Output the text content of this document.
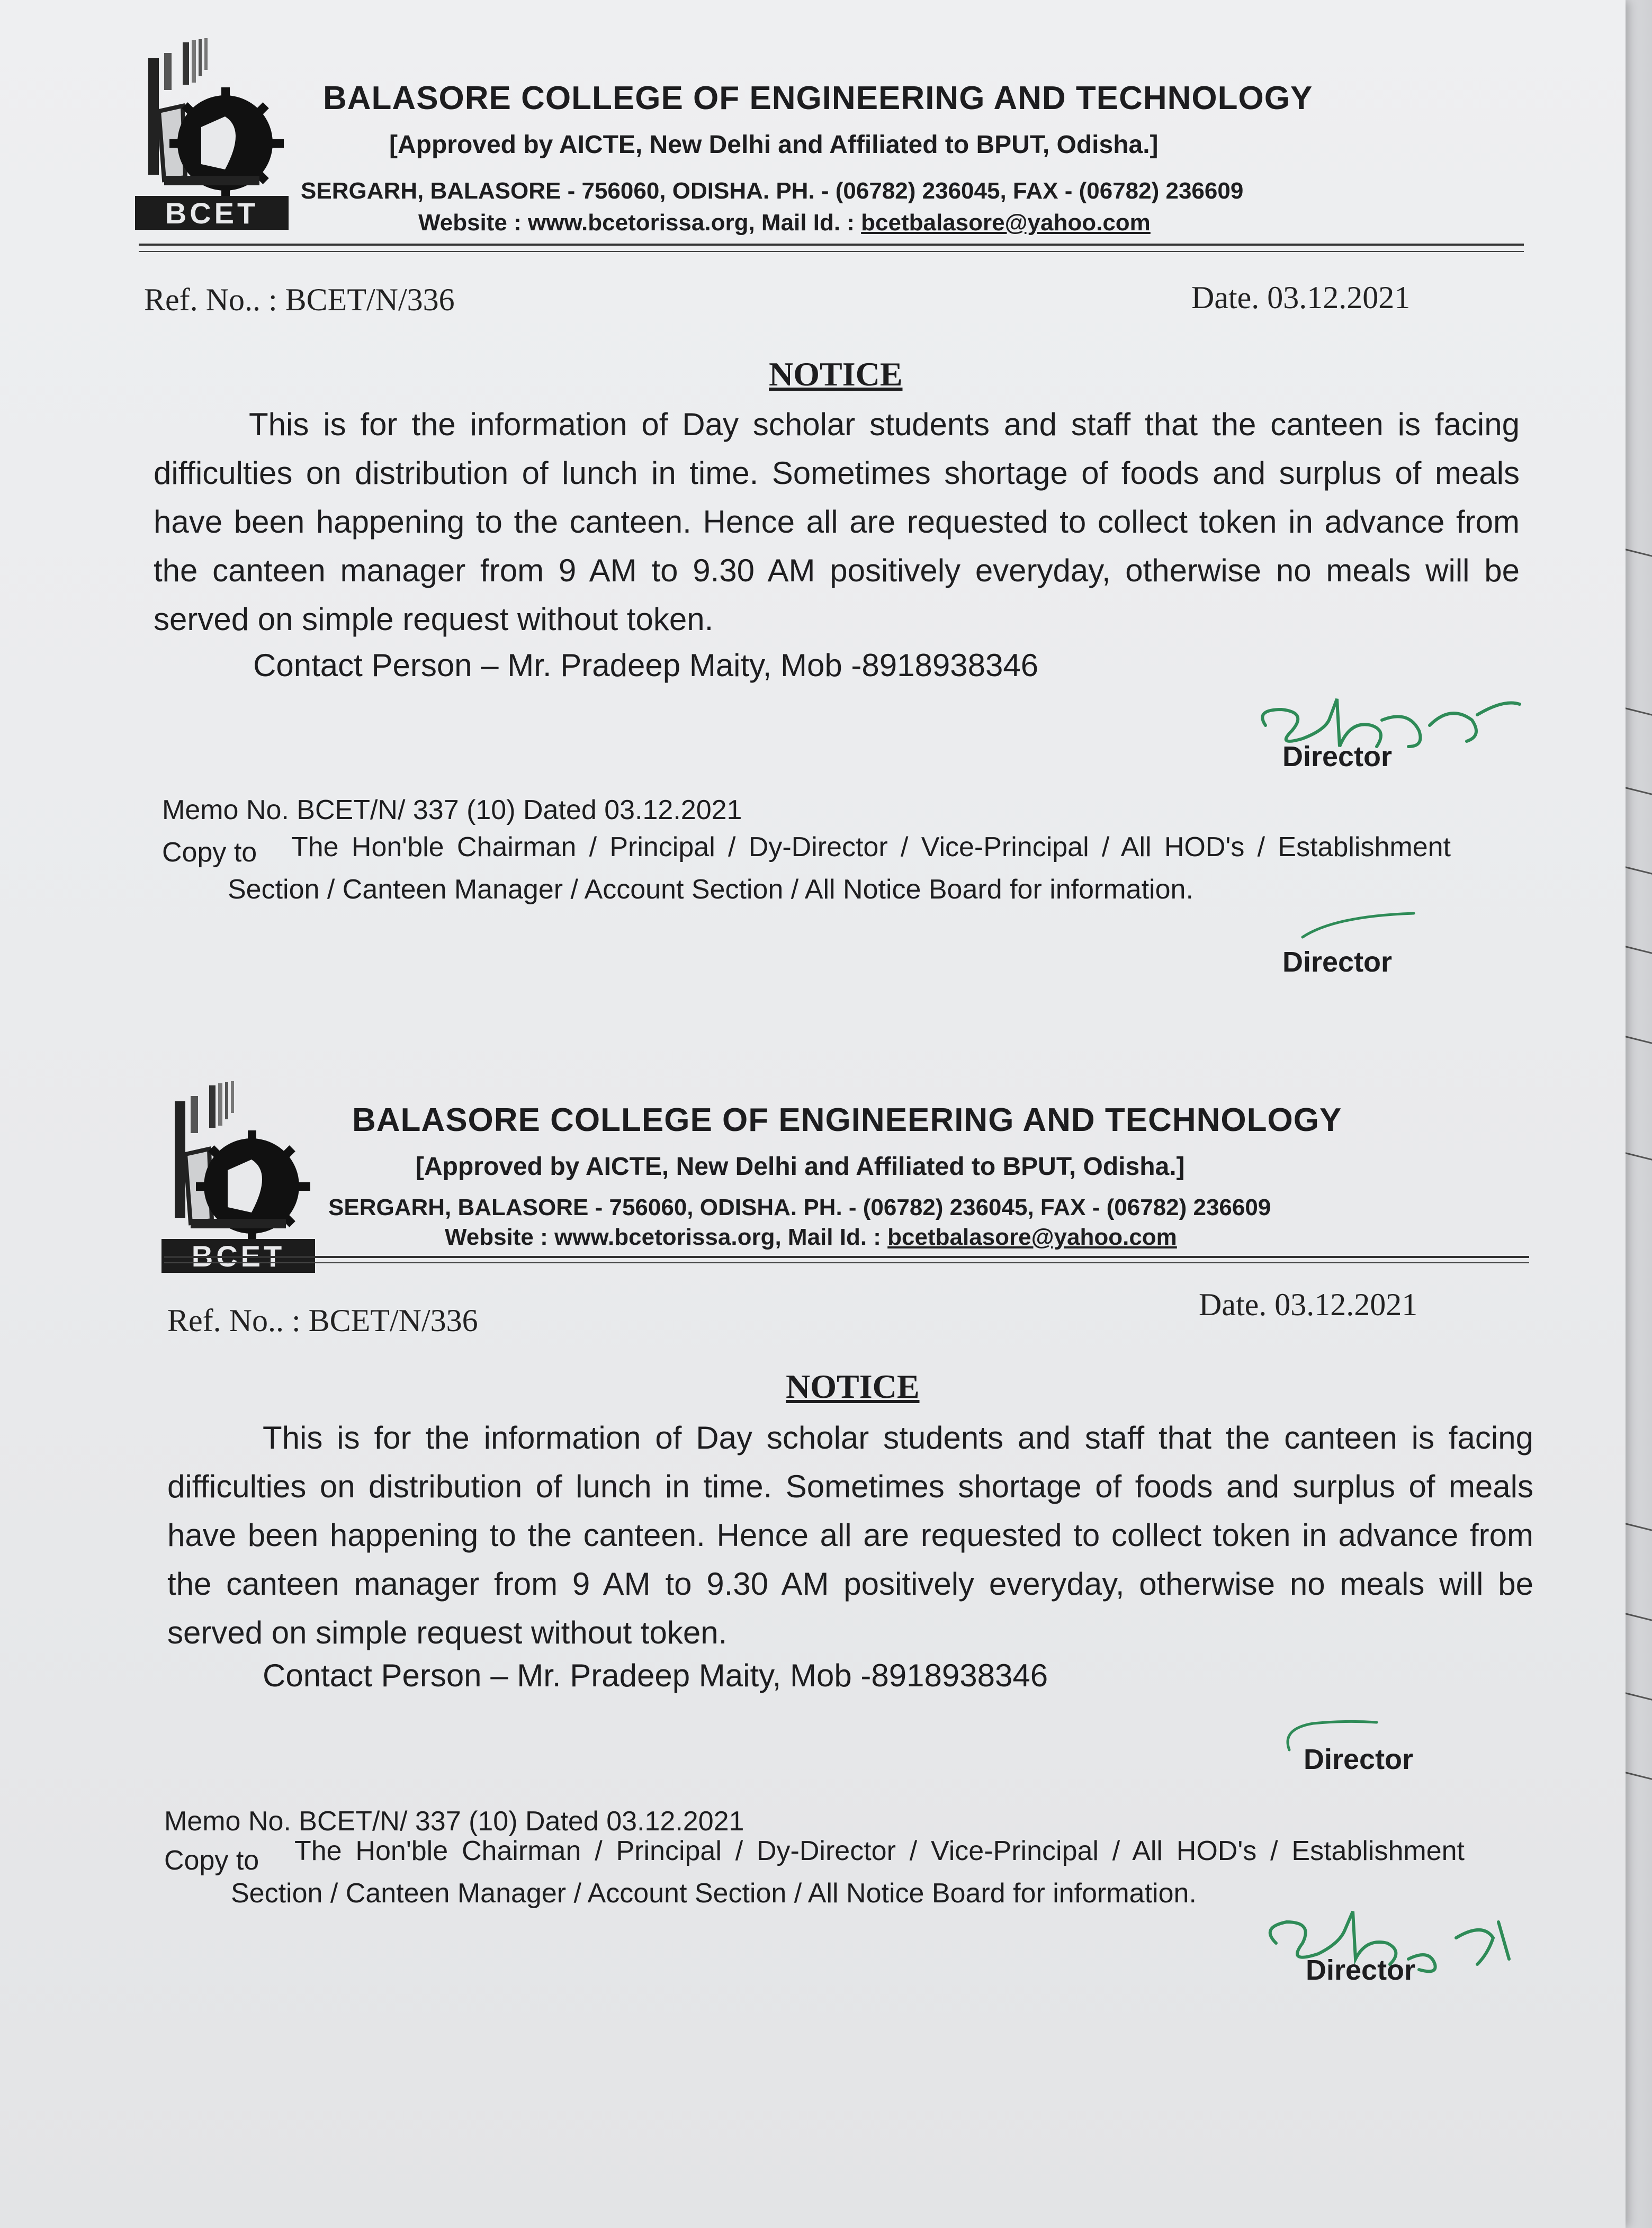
BCET
BALASORE COLLEGE OF ENGINEERING AND TECHNOLOGY
[Approved by AICTE, New Delhi and Affiliated to BPUT, Odisha.]
SERGARH, BALASORE - 756060, ODISHA. PH. - (06782) 236045, FAX - (06782) 236609
Website : www.bcetorissa.org, Mail Id. : bcetbalasore@yahoo.com
Ref. No.. : BCET/N/336	Date. 03.12.2021
NOTICE
This is for the information of Day scholar students and staff that the canteen is facing difficulties on distribution of lunch in time. Sometimes shortage of foods and surplus of meals have been happening to the canteen. Hence all are requested to collect token in advance from the canteen manager from 9 AM to 9.30 AM positively everyday, otherwise no meals will be served on simple request without token.
Contact Person – Mr. Pradeep Maity, Mob -8918938346
Director
Memo No. BCET/N/ 337 (10) Dated 03.12.2021
Copy to	The Hon'ble Chairman / Principal / Dy-Director / Vice-Principal / All HOD's / Establishment Section / Canteen Manager / Account Section / All Notice Board for information.
Director
BCET
BALASORE COLLEGE OF ENGINEERING AND TECHNOLOGY
[Approved by AICTE, New Delhi and Affiliated to BPUT, Odisha.]
SERGARH, BALASORE - 756060, ODISHA. PH. - (06782) 236045, FAX - (06782) 236609
Website : www.bcetorissa.org, Mail Id. : bcetbalasore@yahoo.com
Ref. No.. : BCET/N/336	Date. 03.12.2021
NOTICE
This is for the information of Day scholar students and staff that the canteen is facing difficulties on distribution of lunch in time. Sometimes shortage of foods and surplus of meals have been happening to the canteen. Hence all are requested to collect token in advance from the canteen manager from 9 AM to 9.30 AM positively everyday, otherwise no meals will be served on simple request without token.
Contact Person – Mr. Pradeep Maity, Mob -8918938346
Director
Memo No. BCET/N/ 337 (10) Dated 03.12.2021
Copy to	The Hon'ble Chairman / Principal / Dy-Director / Vice-Principal / All HOD's / Establishment Section / Canteen Manager / Account Section / All Notice Board for information.
Director
